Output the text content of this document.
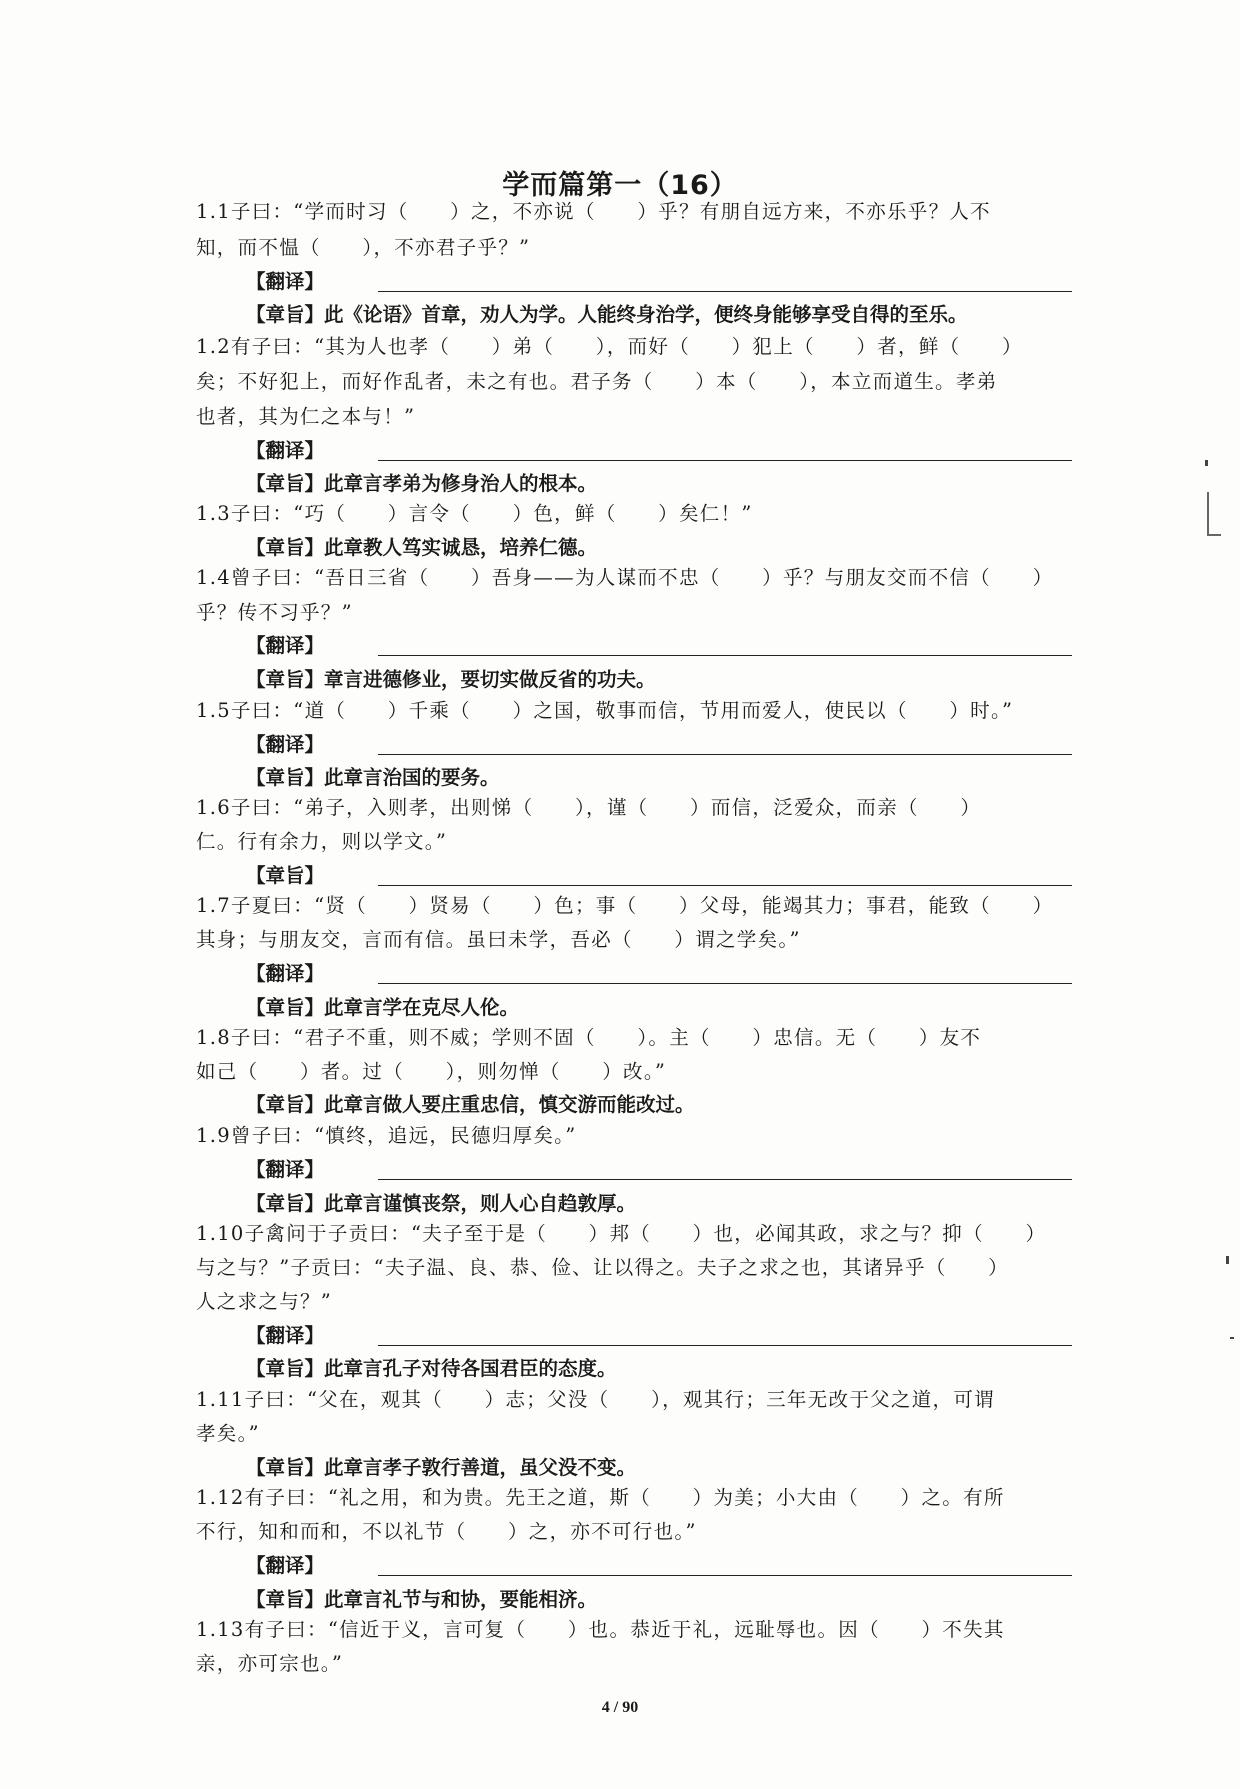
学而篇第一（16）
1.1子曰：“学而时习（　　）之，不亦说（　　）乎？有朋自远方来，不亦乐乎？人不
知，而不愠（　　），不亦君子乎？”
【翻译】
【章旨】此《论语》首章，劝人为学。人能终身治学，便终身能够享受自得的至乐。
1.2有子曰：“其为人也孝（　　）弟（　　），而好（　　）犯上（　　）者，鲜（　　）
矣；不好犯上，而好作乱者，未之有也。君子务（　　）本（　　），本立而道生。孝弟
也者，其为仁之本与！”
【翻译】
【章旨】此章言孝弟为修身治人的根本。
1.3子曰：“巧（　　）言令（　　）色，鲜（　　）矣仁！”
【章旨】此章教人笃实诚恳，培养仁德。
1.4曾子曰：“吾日三省（　　）吾身——为人谋而不忠（　　）乎？与朋友交而不信（　　）
乎？传不习乎？”
【翻译】
【章旨】章言进德修业，要切实做反省的功夫。
1.5子曰：“道（　　）千乘（　　）之国，敬事而信，节用而爱人，使民以（　　）时。”
【翻译】
【章旨】此章言治国的要务。
1.6子曰：“弟子，入则孝，出则悌（　　），谨（　　）而信，泛爱众，而亲（　　）
仁。行有余力，则以学文。”
【章旨】
1.7子夏曰：“贤（　　）贤易（　　）色；事（　　）父母，能竭其力；事君，能致（　　）
其身；与朋友交，言而有信。虽曰未学，吾必（　　）谓之学矣。”
【翻译】
【章旨】此章言学在克尽人伦。
1.8子曰：“君子不重，则不威；学则不固（　　）。主（　　）忠信。无（　　）友不
如己（　　）者。过（　　），则勿惮（　　）改。”
【章旨】此章言做人要庄重忠信，慎交游而能改过。
1.9曾子曰：“慎终，追远，民德归厚矣。”
【翻译】
【章旨】此章言谨慎丧祭，则人心自趋敦厚。
1.10子禽问于子贡曰：“夫子至于是（　　）邦（　　）也，必闻其政，求之与？抑（　　）
与之与？”子贡曰：“夫子温、良、恭、俭、让以得之。夫子之求之也，其诸异乎（　　）
人之求之与？”
【翻译】
【章旨】此章言孔子对待各国君臣的态度。
1.11子曰：“父在，观其（　　）志；父没（　　），观其行；三年无改于父之道，可谓
孝矣。”
【章旨】此章言孝子敦行善道，虽父没不变。
1.12有子曰：“礼之用，和为贵。先王之道，斯（　　）为美；小大由（　　）之。有所
不行，知和而和，不以礼节（　　）之，亦不可行也。”
【翻译】
【章旨】此章言礼节与和协，要能相济。
1.13有子曰：“信近于义，言可复（　　）也。恭近于礼，远耻辱也。因（　　）不失其
亲，亦可宗也。”
4 / 90
